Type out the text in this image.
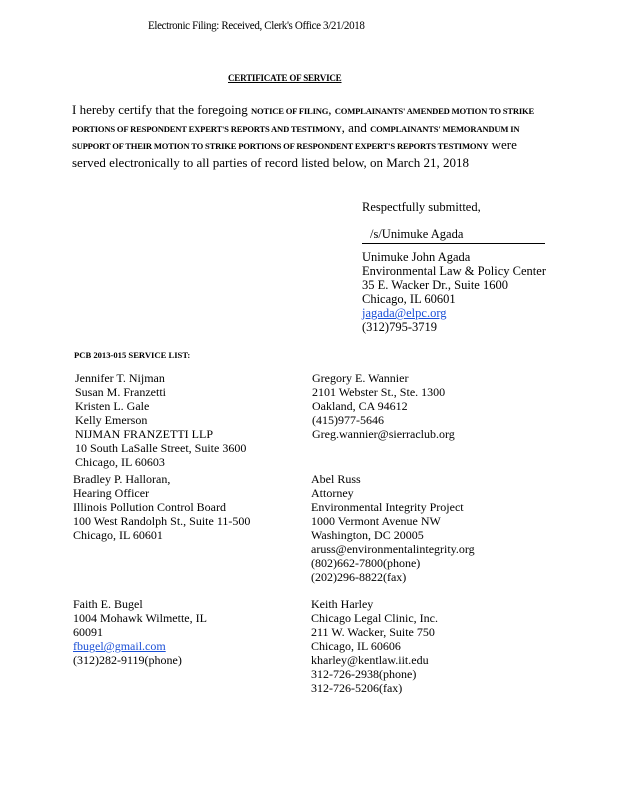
Electronic Filing: Received, Clerk's Office 3/21/2018
CERTIFICATE OF SERVICE
I hereby certify that the foregoing NOTICE OF FILING, COMPLAINANTS' AMENDED MOTION TO STRIKE PORTIONS OF RESPONDENT EXPERT'S REPORTS AND TESTIMONY, and COMPLAINANTS' MEMORANDUM IN SUPPORT OF THEIR MOTION TO STRIKE PORTIONS OF RESPONDENT EXPERT'S REPORTS TESTIMONY were served electronically to all parties of record listed below, on March 21, 2018
Respectfully submitted,
/s/Unimuke Agada
Unimuke John Agada
Environmental Law & Policy Center
35 E. Wacker Dr., Suite 1600
Chicago, IL 60601
jagada@elpc.org
(312)795-3719
PCB 2013-015 SERVICE LIST:
Jennifer T. Nijman
Susan M. Franzetti
Kristen L. Gale
Kelly Emerson
NIJMAN FRANZETTI LLP
10 South LaSalle Street, Suite 3600
Chicago, IL 60603
Gregory E. Wannier
2101 Webster St., Ste. 1300
Oakland, CA 94612
(415)977-5646
Greg.wannier@sierraclub.org
Bradley P. Halloran,
Hearing Officer
Illinois Pollution Control Board
100 West Randolph St., Suite 11-500
Chicago, IL 60601
Abel Russ
Attorney
Environmental Integrity Project
1000 Vermont Avenue NW
Washington, DC 20005
aruss@environmentalintegrity.org
(802)662-7800(phone)
(202)296-8822(fax)
Faith E. Bugel
1004 Mohawk Wilmette, IL
60091
fbugel@gmail.com
(312)282-9119(phone)
Keith Harley
Chicago Legal Clinic, Inc.
211 W. Wacker, Suite 750
Chicago, IL 60606
kharley@kentlaw.iit.edu
312-726-2938(phone)
312-726-5206(fax)
